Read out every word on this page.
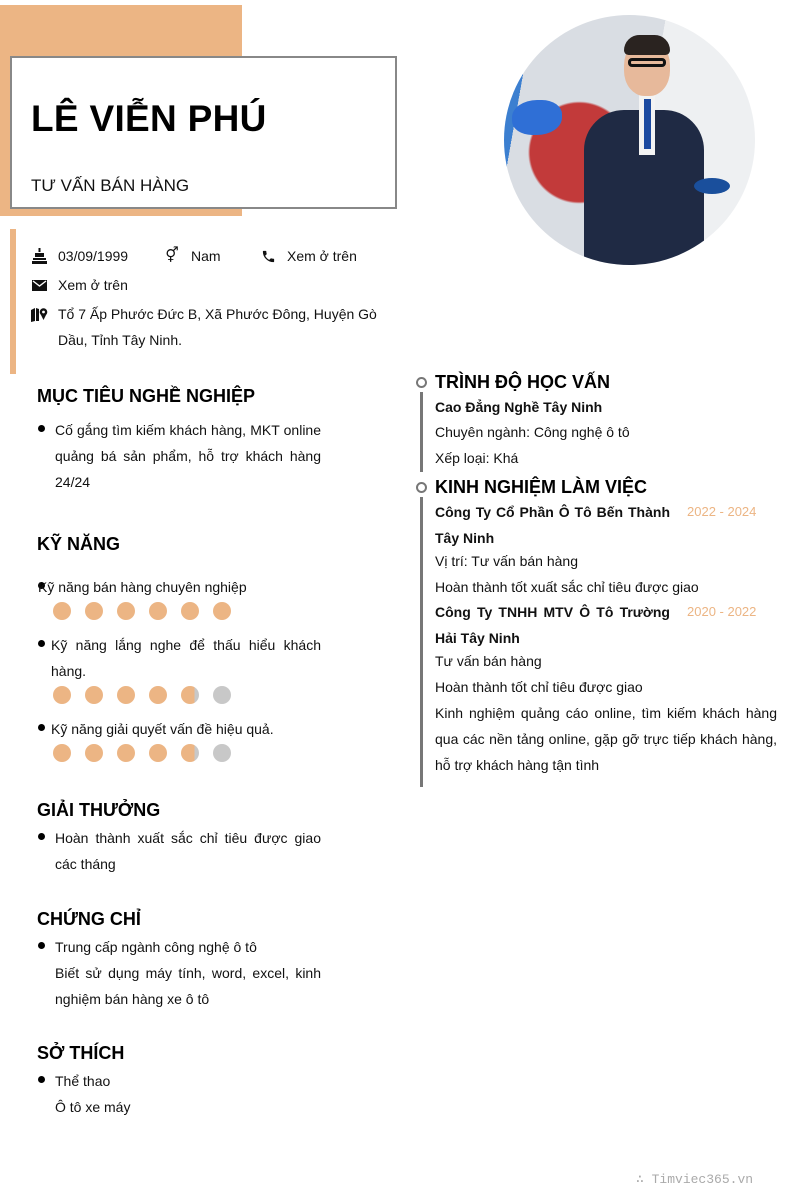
LÊ VIỄN PHÚ
TƯ VẤN BÁN HÀNG
03/09/1999 ⚥ Nam	Xem ở trên
Xem ở trên
Tổ 7 Ấp Phước Đức B, Xã Phước Đông, Huyện Gò Dầu, Tỉnh Tây Ninh.
MỤC TIÊU NGHỀ NGHIỆP
Cố gắng tìm kiếm khách hàng, MKT online quảng bá sản phẩm, hỗ trợ khách hàng 24/24
KỸ NĂNG
Kỹ năng bán hàng chuyên nghiệp
Kỹ năng lắng nghe để thấu hiểu khách hàng.
Kỹ năng giải quyết vấn đề hiệu quả.
GIẢI THƯỞNG
Hoàn thành xuất sắc chỉ tiêu được giao các tháng
CHỨNG CHỈ
Trung cấp ngành công nghệ ô tô
Biết sử dụng máy tính, word, excel, kinh nghiệm bán hàng xe ô tô
SỞ THÍCH
Thể thao
Ô tô xe máy
TRÌNH ĐỘ HỌC VẤN
Cao Đẳng Nghề Tây Ninh
Chuyên ngành: Công nghệ ô tô
Xếp loại: Khá
KINH NGHIỆM LÀM VIỆC
Công Ty Cổ Phần Ô Tô Bến Thành Tây Ninh
2022 - 2024
Vị trí: Tư vấn bán hàng
Hoàn thành tốt xuất sắc chỉ tiêu được giao
Công Ty TNHH MTV Ô Tô Trường Hải Tây Ninh
2020 - 2022
Tư vấn bán hàng
Hoàn thành tốt chỉ tiêu được giao
Kinh nghiệm quảng cáo online, tìm kiếm khách hàng qua các nền tảng online, gặp gỡ trực tiếp khách hàng, hỗ trợ khách hàng tận tình
∴ Timviec365.vn
